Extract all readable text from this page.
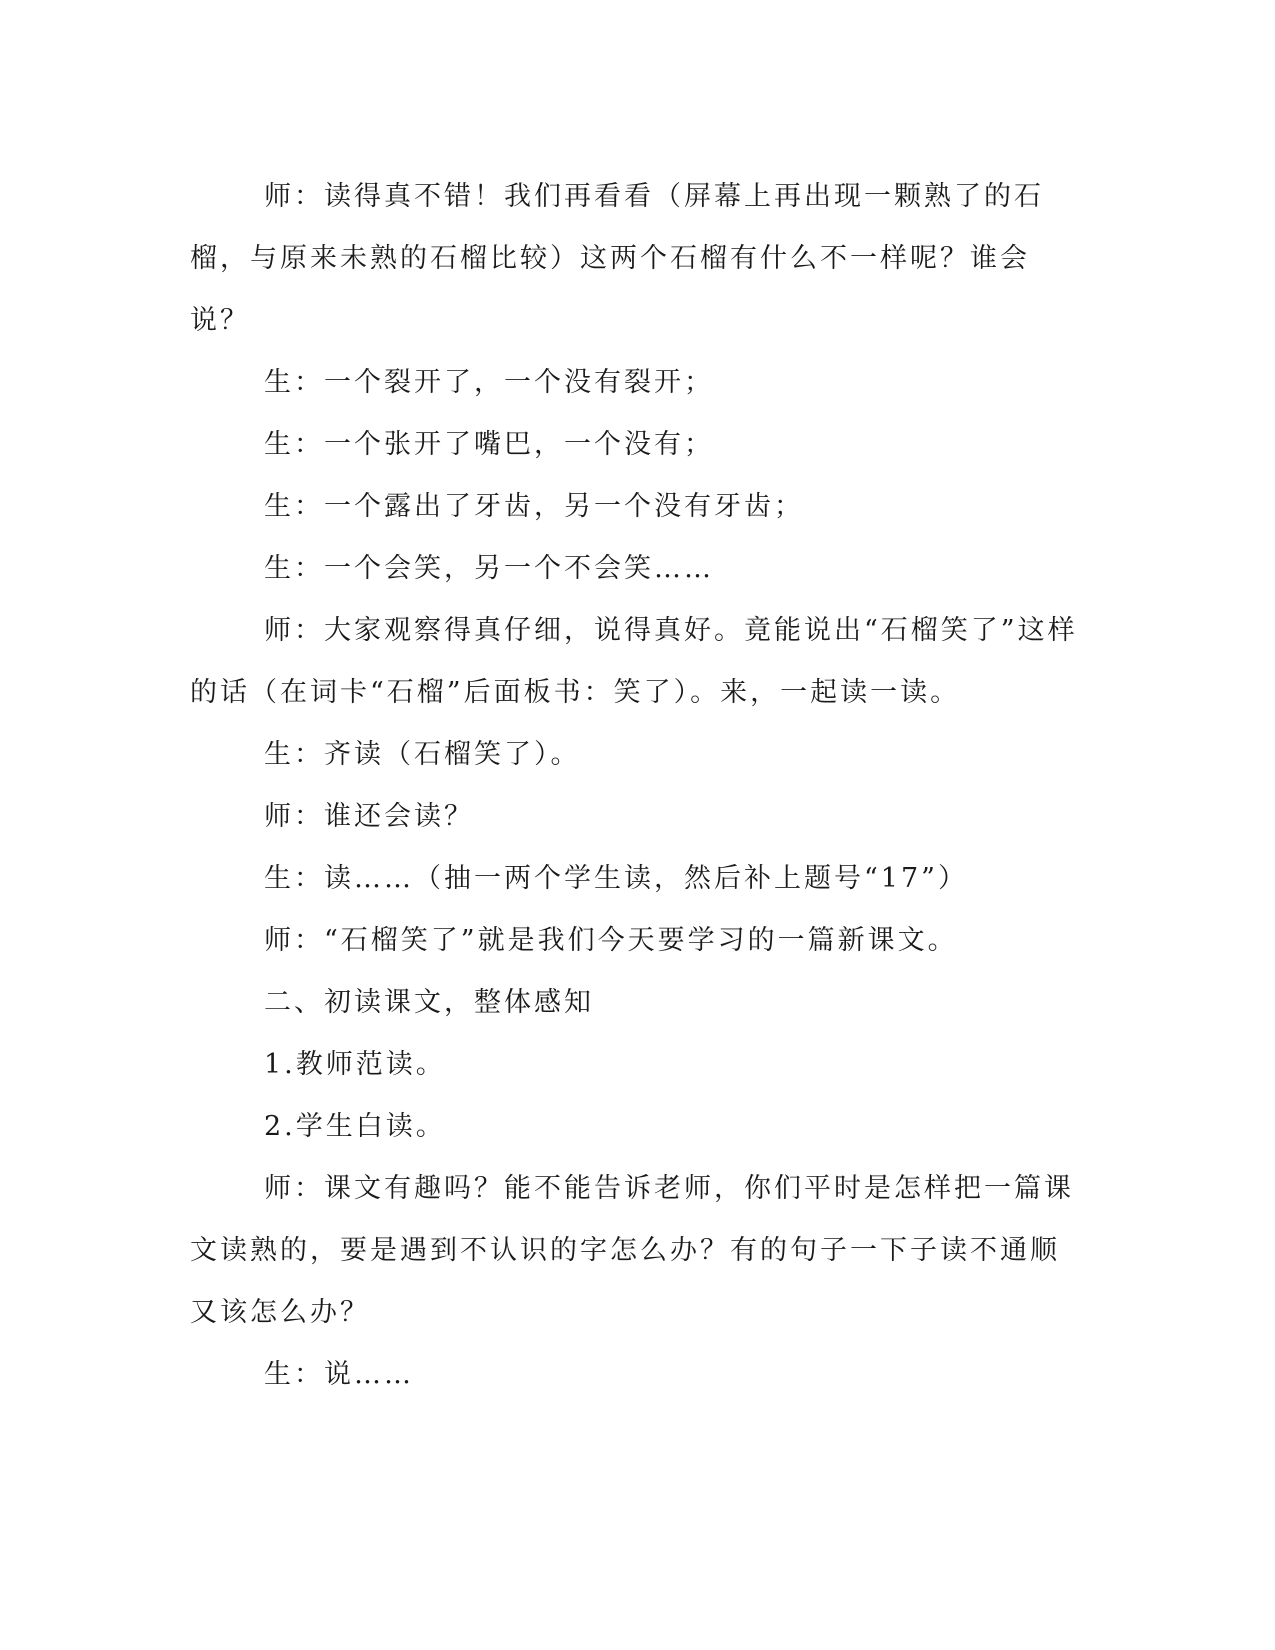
师：读得真不错！我们再看看（屏幕上再出现一颗熟了的石榴，与原来未熟的石榴比较）这两个石榴有什么不一样呢？谁会说？

生：一个裂开了，一个没有裂开；

生：一个张开了嘴巴，一个没有；

生：一个露出了牙齿，另一个没有牙齿；

生：一个会笑，另一个不会笑……

师：大家观察得真仔细，说得真好。竟能说出“石榴笑了”这样的话（在词卡“石榴”后面板书：笑了）。来，一起读一读。

生：齐读（石榴笑了）。

师：谁还会读？

生：读……（抽一两个学生读，然后补上题号“17”）

师：“石榴笑了”就是我们今天要学习的一篇新课文。

二、初读课文，整体感知

1.教师范读。

2.学生白读。

师：课文有趣吗？能不能告诉老师，你们平时是怎样把一篇课文读熟的，要是遇到不认识的字怎么办？有的句子一下子读不通顺又该怎么办？

生：说……
